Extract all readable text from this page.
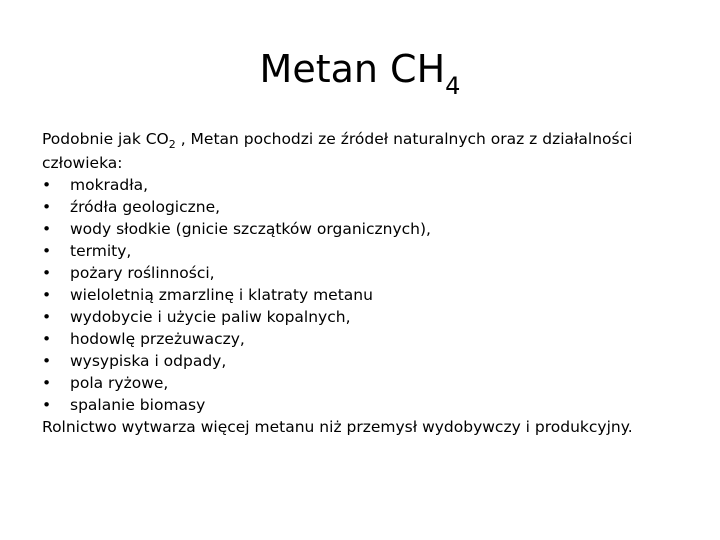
Metan $CH_4$

Podobnie jak $CO_2$ , Metan pochodzi ze źródeł naturalnych oraz z działalności człowieka:

•	mokradła,
•	źródła geologiczne,
•	wody słodkie (gnicie szczątków organicznych),
•	termity,
•	pożary roślinności,
•	wieloletnią zmarzlinę i klatraty metanu
•	wydobycie i użycie paliw kopalnych,
•	hodowlę przeżuwaczy,
•	wysypiska i odpady,
•	pola ryżowe,
•	spalanie biomasy

Rolnictwo wytwarza więcej metanu niż przemysł wydobywczy i produkcyjny.
